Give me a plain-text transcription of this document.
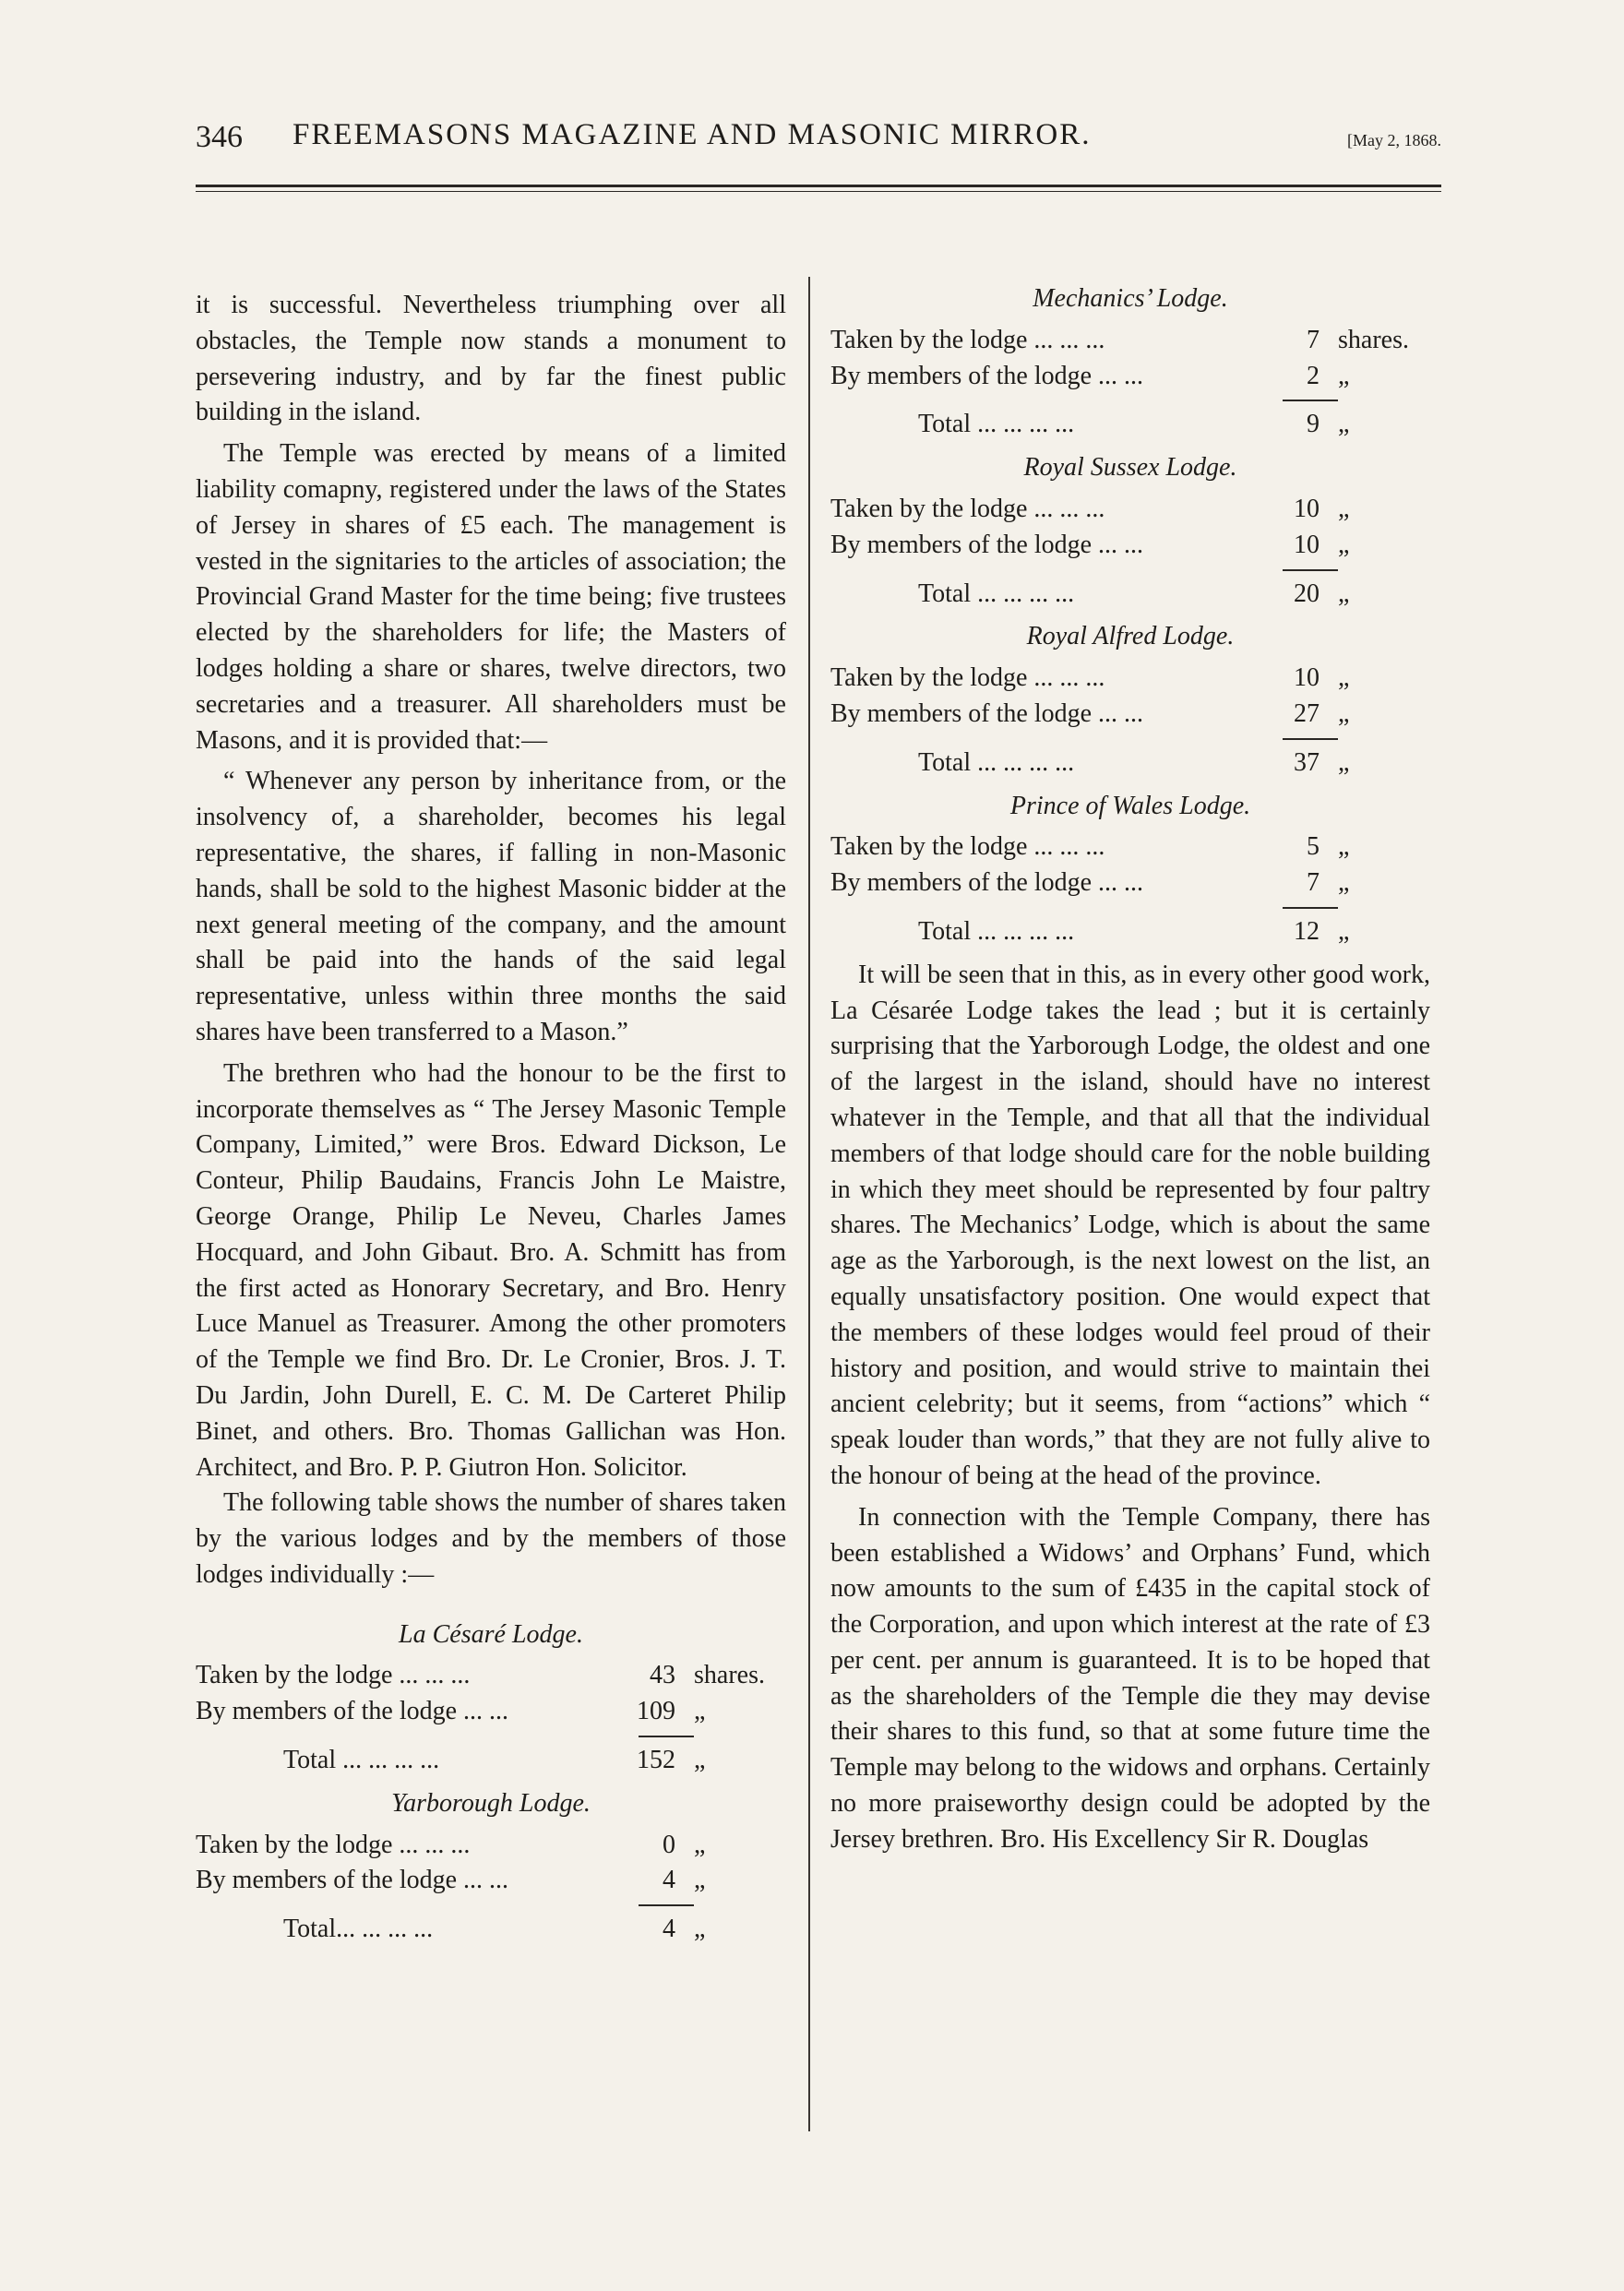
346 FREEMASONS MAGAZINE AND MASONIC MIRROR.	[May 2, 1868.

it is successful. Nevertheless triumphing over all obstacles, the Temple now stands a monument to persevering industry, and by far the finest public building in the island.

The Temple was erected by means of a limited liability comapny, registered under the laws of the States of Jersey in shares of £5 each. The management is vested in the signitaries to the articles of association; the Provincial Grand Master for the time being; five trustees elected by the shareholders for life; the Masters of lodges holding a share or shares, twelve directors, two secretaries and a treasurer. All shareholders must be Masons, and it is provided that:—

“ Whenever any person by inheritance from, or the insolvency of, a shareholder, becomes his legal representative, the shares, if falling in non-Masonic hands, shall be sold to the highest Masonic bidder at the next general meeting of the company, and the amount shall be paid into the hands of the said legal representative, unless within three months the said shares have been transferred to a Mason.”

The brethren who had the honour to be the first to incorporate themselves as “ The Jersey Masonic Temple Company, Limited,” were Bros. Edward Dickson, Le Conteur, Philip Baudains, Francis John Le Maistre, George Orange, Philip Le Neveu, Charles James Hocquard, and John Gibaut. Bro. A. Schmitt has from the first acted as Honorary Secretary, and Bro. Henry Luce Manuel as Treasurer. Among the other promoters of the Temple we find Bro. Dr. Le Cronier, Bros. J. T. Du Jardin, John Durell, E. C. M. De Carteret Philip Binet, and others. Bro. Thomas Gallichan was Hon. Architect, and Bro. P. P. Giutron Hon. Solicitor.

The following table shows the number of shares taken by the various lodges and by the members of those lodges individually :—

La Césaré Lodge.
Taken by the lodge ... ... ...	43 shares.
By members of the lodge ... ...	109 „
Total ... ... ... ...	152 „
Yarborough Lodge.
Taken by the lodge ... ... ...	0 „
By members of the lodge ... ...	4 „
Total... ... ... ...	4 „
Mechanics’ Lodge.
Taken by the lodge ... ... ...	7 shares.
By members of the lodge ... ...	2 „
Total ... ... ... ...	9 „
Royal Sussex Lodge.
Taken by the lodge ... ... ...	10 „
By members of the lodge ... ...	10 „
Total ... ... ... ...	20 „
Royal Alfred Lodge.
Taken by the lodge ... ... ...	10 „
By members of the lodge ... ...	27 „
Total ... ... ... ...	37 „
Prince of Wales Lodge.
Taken by the lodge ... ... ...	5 „
By members of the lodge ... ...	7 „
Total ... ... ... ...	12 „

It will be seen that in this, as in every other good work, La Césarée Lodge takes the lead ; but it is certainly surprising that the Yarborough Lodge, the oldest and one of the largest in the island, should have no interest whatever in the Temple, and that all that the individual members of that lodge should care for the noble building in which they meet should be represented by four paltry shares. The Mechanics’ Lodge, which is about the same age as the Yarborough, is the next lowest on the list, an equally unsatisfactory position. One would expect that the members of these lodges would feel proud of their history and position, and would strive to maintain thei ancient celebrity; but it seems, from “actions” which “ speak louder than words,” that they are not fully alive to the honour of being at the head of the province.

In connection with the Temple Company, there has been established a Widows’ and Orphans’ Fund, which now amounts to the sum of £435 in the capital stock of the Corporation, and upon which interest at the rate of £3 per cent. per annum is guaranteed. It is to be hoped that as the shareholders of the Temple die they may devise their shares to this fund, so that at some future time the Temple may belong to the widows and orphans. Certainly no more praiseworthy design could be adopted by the Jersey brethren. Bro. His Excellency Sir R. Douglas
